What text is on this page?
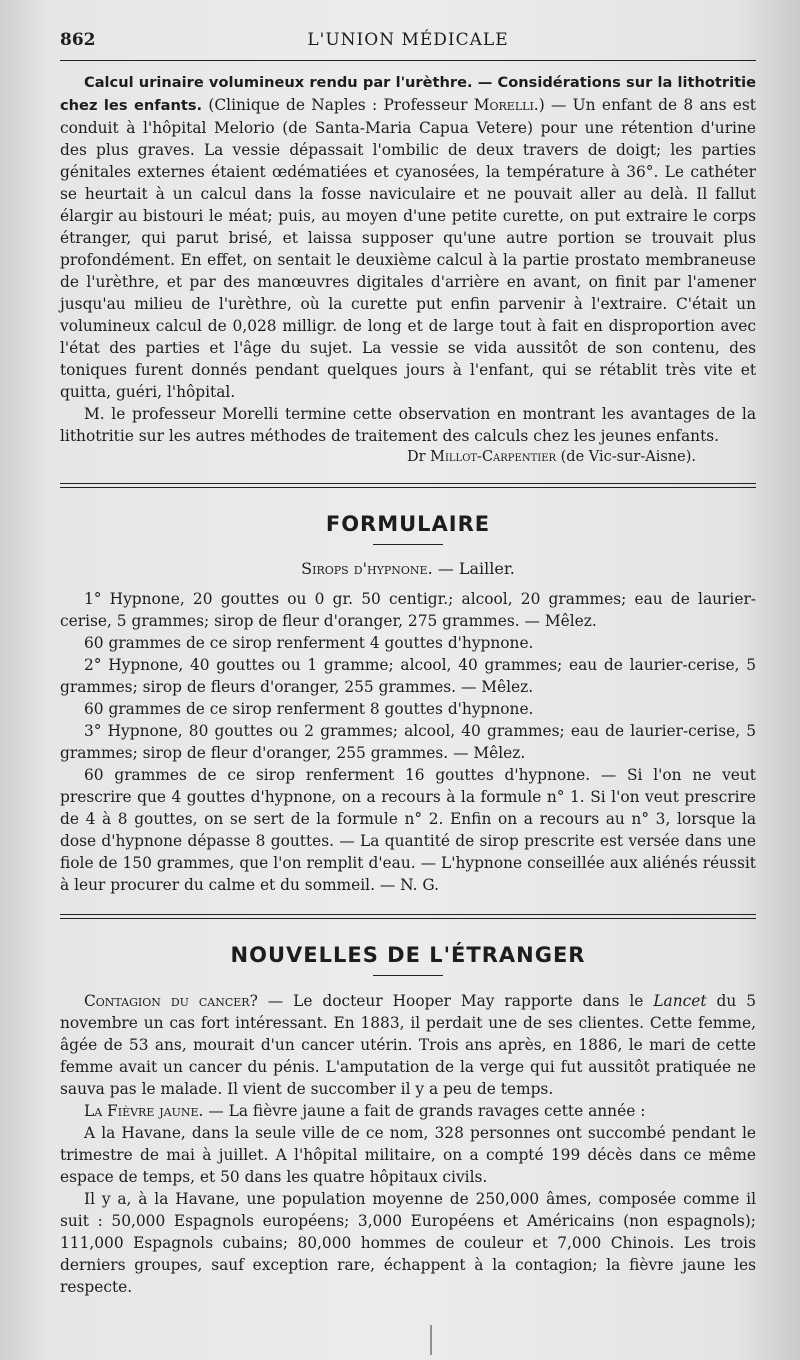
862	L'UNION MÉDICALE

Calcul urinaire volumineux rendu par l'urèthre. — Considérations sur la lithotritie chez les enfants. (Clinique de Naples : Professeur Morelli.) — Un enfant de 8 ans est conduit à l'hôpital Melorio (de Santa-Maria Capua Vetere) pour une rétention d'urine des plus graves. La vessie dépassait l'ombilic de deux travers de doigt; les parties génitales externes étaient œdématiées et cyanosées, la température à 36°. Le cathéter se heurtait à un calcul dans la fosse naviculaire et ne pouvait aller au delà. Il fallut élargir au bistouri le méat; puis, au moyen d'une petite curette, on put extraire le corps étranger, qui parut brisé, et laissa supposer qu'une autre portion se trouvait plus profondément. En effet, on sentait le deuxième calcul à la partie prostato membraneuse de l'urèthre, et par des manœuvres digitales d'arrière en avant, on finit par l'amener jusqu'au milieu de l'urèthre, où la curette put enfin parvenir à l'extraire. C'était un volumineux calcul de 0,028 milligr. de long et de large tout à fait en disproportion avec l'état des parties et l'âge du sujet. La vessie se vida aussitôt de son contenu, des toniques furent donnés pendant quelques jours à l'enfant, qui se rétablit très vite et quitta, guéri, l'hôpital.

M. le professeur Morelli termine cette observation en montrant les avantages de la lithotritie sur les autres méthodes de traitement des calculs chez les jeunes enfants.

Dr Millot-Carpentier (de Vic-sur-Aisne).
FORMULAIRE
Sirops d'hypnone. — Lailler.

1° Hypnone, 20 gouttes ou 0 gr. 50 centigr.; alcool, 20 grammes; eau de laurier-cerise, 5 grammes; sirop de fleur d'oranger, 275 grammes. — Mêlez.

60 grammes de ce sirop renferment 4 gouttes d'hypnone.

2° Hypnone, 40 gouttes ou 1 gramme; alcool, 40 grammes; eau de laurier-cerise, 5 grammes; sirop de fleurs d'oranger, 255 grammes. — Mêlez.

60 grammes de ce sirop renferment 8 gouttes d'hypnone.

3° Hypnone, 80 gouttes ou 2 grammes; alcool, 40 grammes; eau de laurier-cerise, 5 grammes; sirop de fleur d'oranger, 255 grammes. — Mêlez.

60 grammes de ce sirop renferment 16 gouttes d'hypnone. — Si l'on ne veut prescrire que 4 gouttes d'hypnone, on a recours à la formule n° 1. Si l'on veut prescrire de 4 à 8 gouttes, on se sert de la formule n° 2. Enfin on a recours au n° 3, lorsque la dose d'hypnone dépasse 8 gouttes. — La quantité de sirop prescrite est versée dans une fiole de 150 grammes, que l'on remplit d'eau. — L'hypnone conseillée aux aliénés réussit à leur procurer du calme et du sommeil. — N. G.

NOUVELLES DE L'ÉTRANGER

Contagion du cancer? — Le docteur Hooper May rapporte dans le Lancet du 5 novembre un cas fort intéressant. En 1883, il perdait une de ses clientes. Cette femme, âgée de 53 ans, mourait d'un cancer utérin. Trois ans après, en 1886, le mari de cette femme avait un cancer du pénis. L'amputation de la verge qui fut aussitôt pratiquée ne sauva pas le malade. Il vient de succomber il y a peu de temps.

La Fièvre jaune. — La fièvre jaune a fait de grands ravages cette année :

A la Havane, dans la seule ville de ce nom, 328 personnes ont succombé pendant le trimestre de mai à juillet. A l'hôpital militaire, on a compté 199 décès dans ce même espace de temps, et 50 dans les quatre hôpitaux civils.

Il y a, à la Havane, une population moyenne de 250,000 âmes, composée comme il suit : 50,000 Espagnols européens; 3,000 Européens et Américains (non espagnols); 111,000 Espagnols cubains; 80,000 hommes de couleur et 7,000 Chinois. Les trois derniers groupes, sauf exception rare, échappent à la contagion; la fièvre jaune les respecte.
